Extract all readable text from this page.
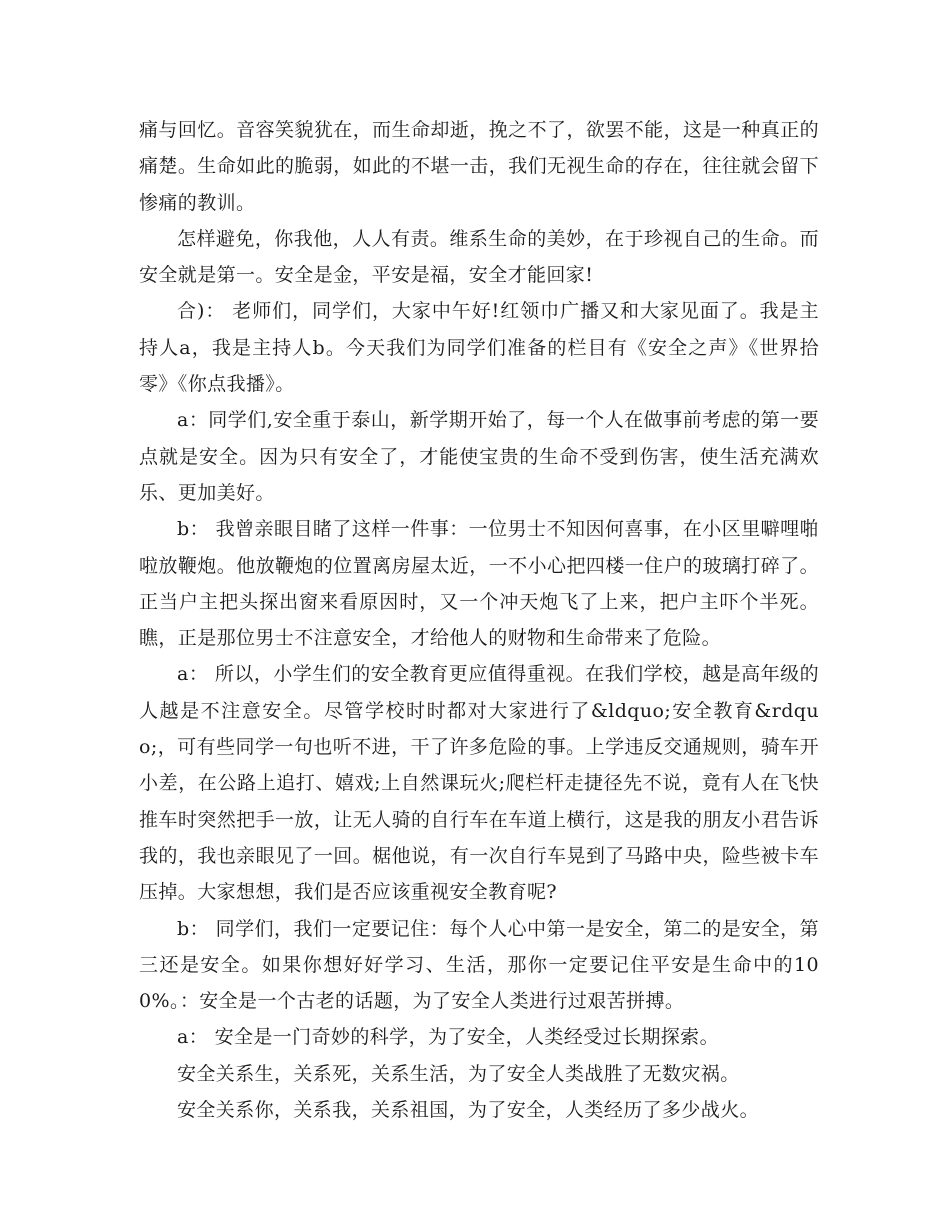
痛与回忆。音容笑貌犹在，而生命却逝，挽之不了，欲罢不能，这是一种真正的痛楚。生命如此的脆弱，如此的不堪一击，我们无视生命的存在，往往就会留下惨痛的教训。

怎样避免，你我他，人人有责。维系生命的美妙，在于珍视自己的生命。而安全就是第一。安全是金，平安是福，安全才能回家!

合)： 老师们，同学们，大家中午好!红领巾广播又和大家见面了。我是主持人a，我是主持人b。今天我们为同学们准备的栏目有《安全之声》《世界拾零》《你点我播》。

a：同学们,安全重于泰山，新学期开始了，每一个人在做事前考虑的第一要点就是安全。因为只有安全了，才能使宝贵的生命不受到伤害，使生活充满欢乐、更加美好。

b： 我曾亲眼目睹了这样一件事：一位男士不知因何喜事，在小区里噼哩啪啦放鞭炮。他放鞭炮的位置离房屋太近，一不小心把四楼一住户的玻璃打碎了。正当户主把头探出窗来看原因时，又一个冲天炮飞了上来，把户主吓个半死。瞧，正是那位男士不注意安全，才给他人的财物和生命带来了危险。

a： 所以，小学生们的安全教育更应值得重视。在我们学校，越是高年级的人越是不注意安全。尽管学校时时都对大家进行了&ldquo;安全教育&rdquo;，可有些同学一句也听不进，干了许多危险的事。上学违反交通规则，骑车开小差，在公路上追打、嬉戏;上自然课玩火;爬栏杆走捷径先不说，竟有人在飞快推车时突然把手一放，让无人骑的自行车在车道上横行，这是我的朋友小君告诉我的，我也亲眼见了一回。椐他说，有一次自行车晃到了马路中央，险些被卡车压掉。大家想想，我们是否应该重视安全教育呢?

b： 同学们，我们一定要记住：每个人心中第一是安全，第二的是安全，第三还是安全。如果你想好好学习、生活，那你一定要记住平安是生命中的100%。：安全是一个古老的话题，为了安全人类进行过艰苦拼搏。

a： 安全是一门奇妙的科学，为了安全，人类经受过长期探索。

安全关系生，关系死，关系生活，为了安全人类战胜了无数灾祸。

安全关系你，关系我，关系祖国，为了安全，人类经历了多少战火。
